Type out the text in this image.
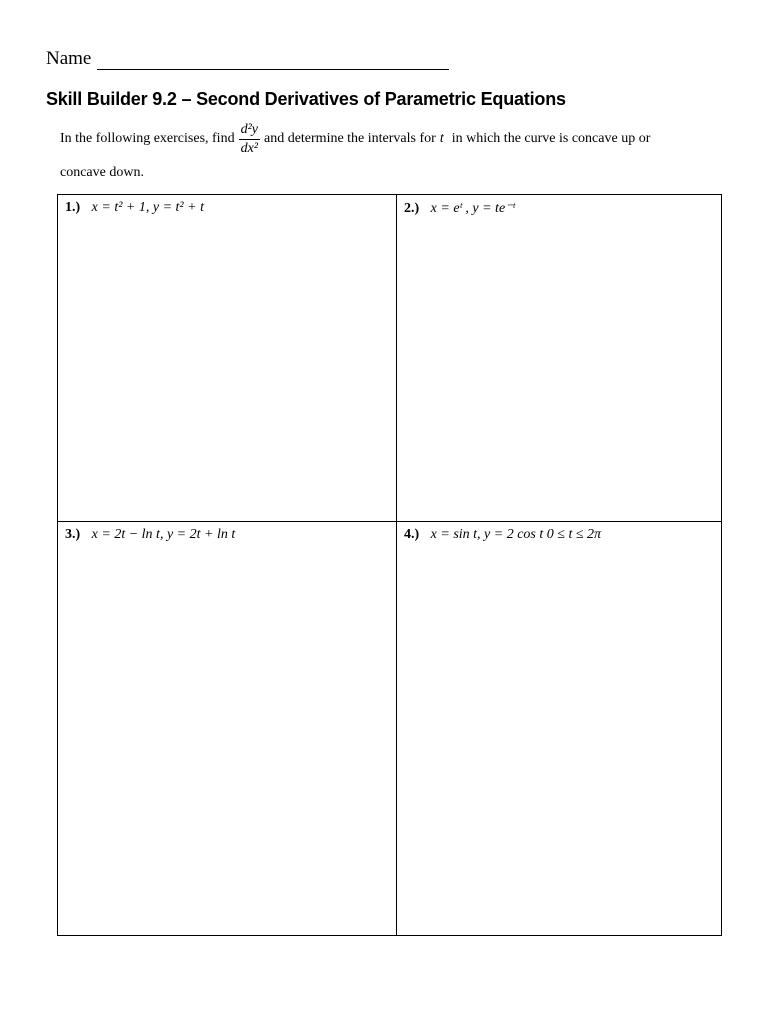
Name
Skill Builder 9.2 – Second Derivatives of Parametric Equations
In the following exercises, find $\frac{\text{d²y}}{\text{dx²}}$ and determine the intervals for t in which the curve is concave up or
concave down.
1.) x = t² + 1, y = t² + t	2.) x = eᵗ , y = te⁻ᵗ
3.) x = 2t − ln t, y = 2t + ln t	4.) x = sin t, y = 2 cos t 0 ≤ t ≤ 2π
